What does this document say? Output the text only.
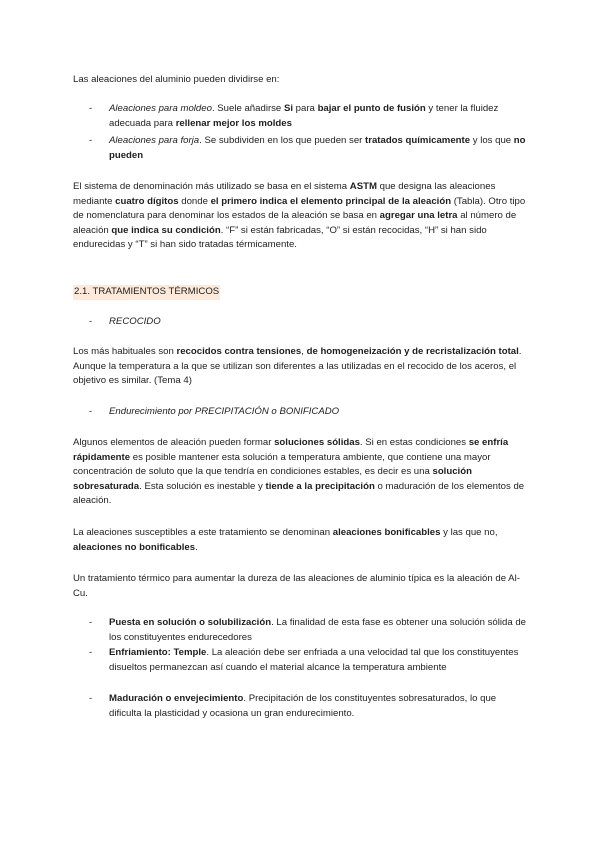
Las aleaciones del aluminio pueden dividirse en:

- Aleaciones para moldeo. Suele añadirse Si para bajar el punto de fusión y tener la fluidez adecuada para rellenar mejor los moldes
- Aleaciones para forja. Se subdividen en los que pueden ser tratados químicamente y los que no pueden

El sistema de denominación más utilizado se basa en el sistema ASTM que designa las aleaciones mediante cuatro dígitos donde el primero indica el elemento principal de la aleación (Tabla). Otro tipo de nomenclatura para denominar los estados de la aleación se basa en agregar una letra al número de aleación que indica su condición. “F” si están fabricadas, “O” si están recocidas, “H” si han sido endurecidas y “T” si han sido tratadas térmicamente.

2.1. TRATAMIENTOS TÉRMICOS
- RECOCIDO

Los más habituales son recocidos contra tensiones, de homogeneización y de recristalización total. Aunque la temperatura a la que se utilizan son diferentes a las utilizadas en el recocido de los aceros, el objetivo es similar. (Tema 4)

- Endurecimiento por PRECIPITACIÓN o BONIFICADO

Algunos elementos de aleación pueden formar soluciones sólidas. Si en estas condiciones se enfría rápidamente es posible mantener esta solución a temperatura ambiente, que contiene una mayor concentración de soluto que la que tendría en condiciones estables, es decir es una solución sobresaturada. Esta solución es inestable y tiende a la precipitación o maduración de los elementos de aleación.

La aleaciones susceptibles a este tratamiento se denominan aleaciones bonificables y las que no, aleaciones no bonificables.

Un tratamiento térmico para aumentar la dureza de las aleaciones de aluminio típica es la aleación de Al-Cu.

- Puesta en solución o solubilización. La finalidad de esta fase es obtener una solución sólida de los constituyentes endurecedores
- Enfriamiento: Temple. La aleación debe ser enfriada a una velocidad tal que los constituyentes disueltos permanezcan así cuando el material alcance la temperatura ambiente
- Maduración o envejecimiento. Precipitación de los constituyentes sobresaturados, lo que dificulta la plasticidad y ocasiona un gran endurecimiento.
